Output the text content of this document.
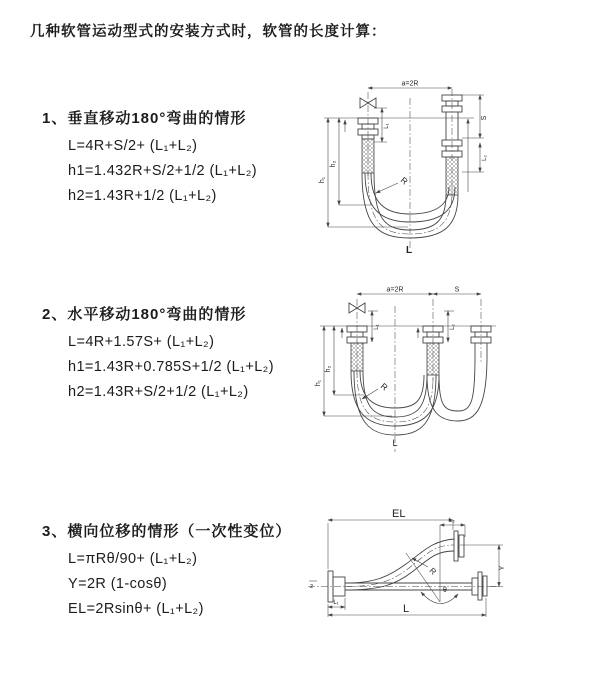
几种软管运动型式的安装方式时，软管的长度计算：
1、垂直移动180°弯曲的情形
L=4R+S/2+ (L₁+L₂)
h1=1.432R+S/2+1/2 (L₁+L₂)
h2=1.43R+1/2 (L₁+L₂)
a=2R
h₁
h₂
L₁
S
L₂
R
L
2、水平移动180°弯曲的情形
L=4R+1.57S+ (L₁+L₂)
h1=1.43R+0.785S+1/2 (L₁+L₂)
h2=1.43R+S/2+1/2 (L₁+L₂)
a=2R	S
h₁
h₂
L₁	L₂
R
L
3、横向位移的情形（一次性变位）
L=πRθ/90+ (L₁+L₂)
Y=2R (1-cosθ)
EL=2Rsinθ+ (L₁+L₂)
EL
L₂
Y
L₁	L
R
θ
z
